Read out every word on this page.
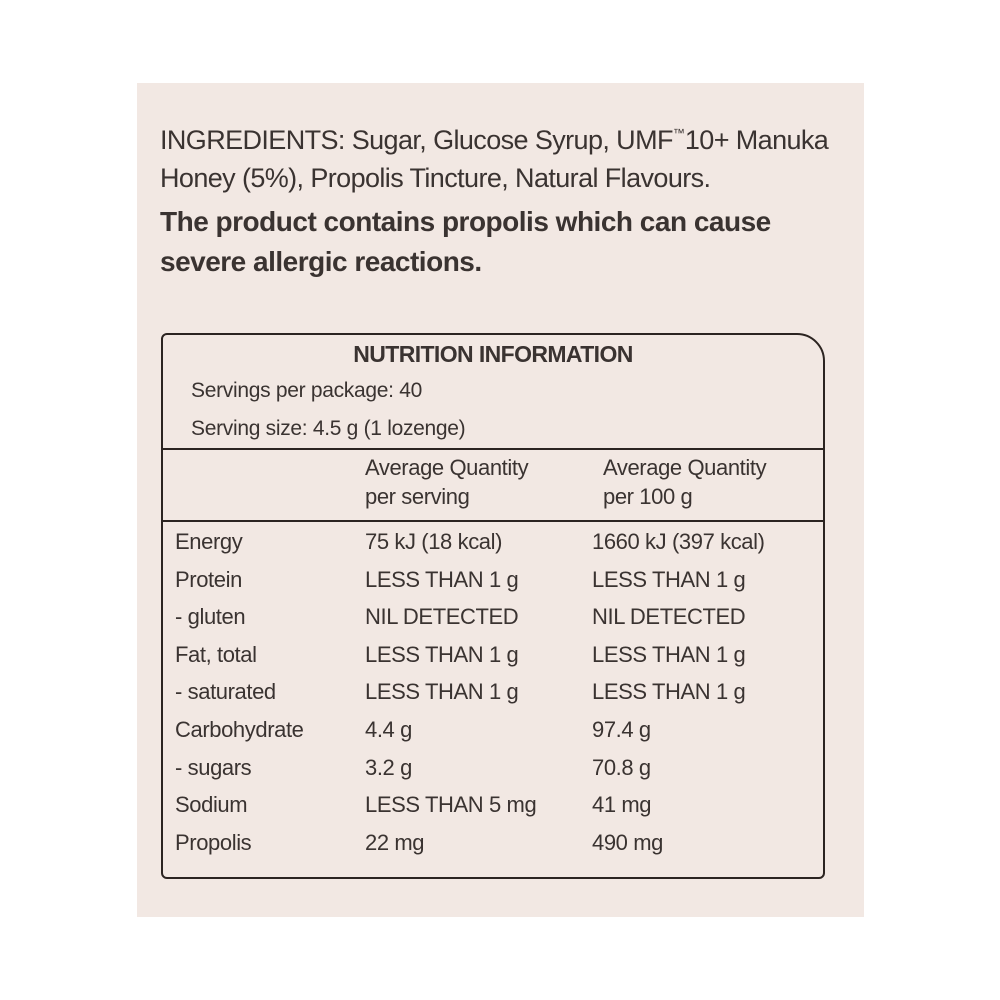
INGREDIENTS: Sugar, Glucose Syrup, UMF™10+ Manuka Honey (5%), Propolis Tincture, Natural Flavours.
The product contains propolis which can cause severe allergic reactions.
NUTRITION INFORMATION
Servings per package: 40
Serving size: 4.5 g (1 lozenge)
Average Quantity
per serving
Average Quantity
per 100 g
Energy	75 kJ (18 kcal)	1660 kJ (397 kcal)
Protein	LESS THAN 1 g	LESS THAN 1 g
- gluten	NIL DETECTED	NIL DETECTED
Fat, total	LESS THAN 1 g	LESS THAN 1 g
- saturated	LESS THAN 1 g	LESS THAN 1 g
Carbohydrate	4.4 g	97.4 g
- sugars	3.2 g	70.8 g
Sodium	LESS THAN 5 mg	41 mg
Propolis	22 mg	490 mg
